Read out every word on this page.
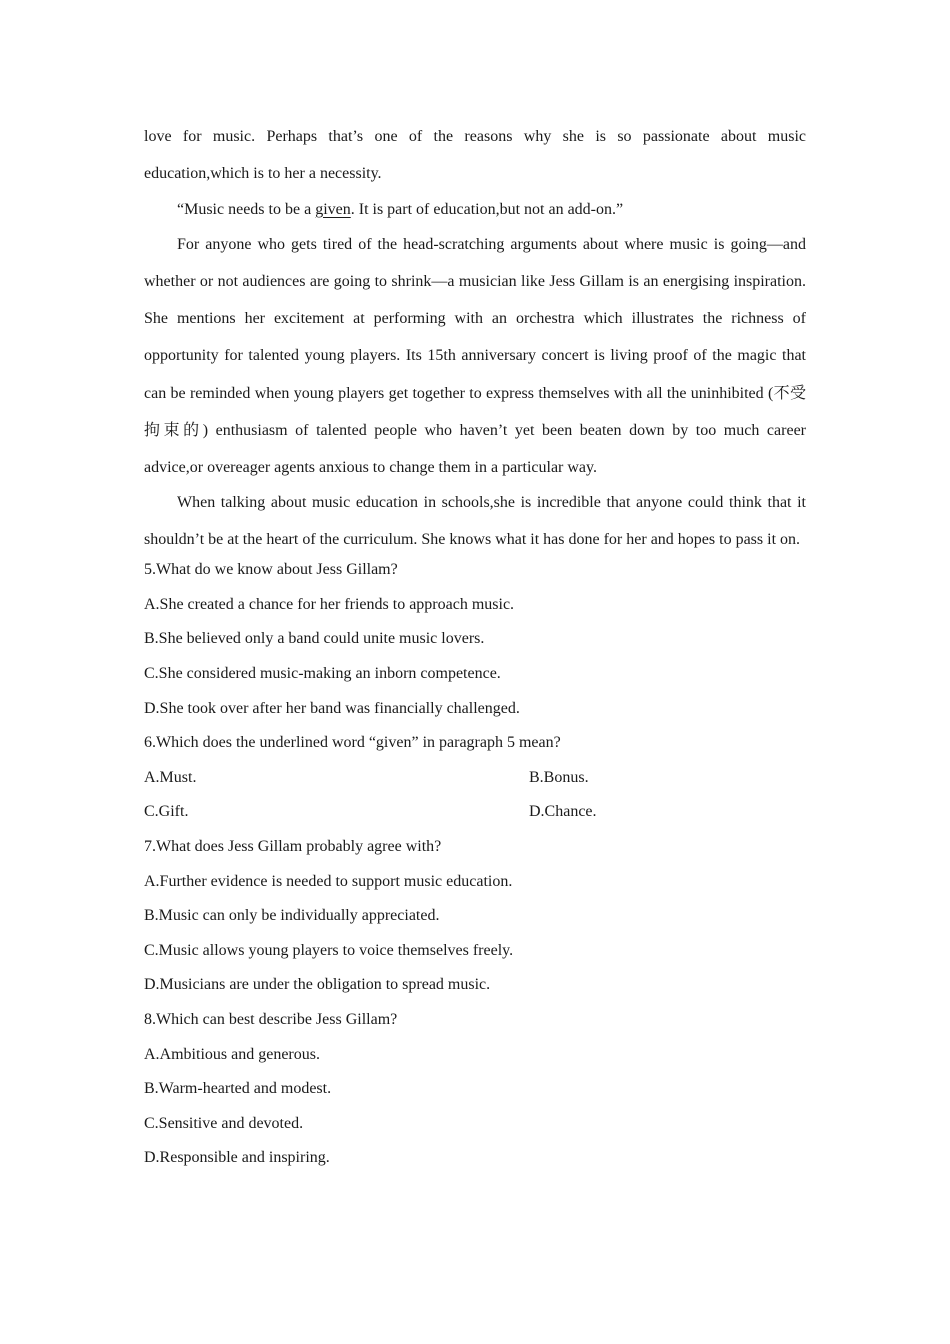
love for music. Perhaps that’s one of the reasons why she is so passionate about music

education,which is to her a necessity.

“Music needs to be a given. It is part of education,but not an add-on.”

For anyone who gets tired of the head-scratching arguments about where music is going—and whether or not audiences are going to shrink—a musician like Jess Gillam is an energising inspiration. She mentions her excitement at performing with an orchestra which illustrates the richness of opportunity for talented young players. Its 15th anniversary concert is living proof of the magic that can be reminded when young players get together to express themselves with all the uninhibited (不受拘束的) enthusiasm of talented people who haven’t yet been beaten down by too much career advice,or overeager agents anxious to change them in a particular way.

When talking about music education in schools,she is incredible that anyone could think that it shouldn’t be at the heart of the curriculum. She knows what it has done for her and hopes to pass it on.

5.What do we know about Jess Gillam?

A.She created a chance for her friends to approach music.

B.She believed only a band could unite music lovers.

C.She considered music-making an inborn competence.

D.She took over after her band was financially challenged.

6.Which does the underlined word “given” in paragraph 5 mean?

A.Must.	B.Bonus.

C.Gift.	D.Chance.

7.What does Jess Gillam probably agree with?

A.Further evidence is needed to support music education.

B.Music can only be individually appreciated.

C.Music allows young players to voice themselves freely.

D.Musicians are under the obligation to spread music.

8.Which can best describe Jess Gillam?

A.Ambitious and generous.

B.Warm-hearted and modest.

C.Sensitive and devoted.

D.Responsible and inspiring.
